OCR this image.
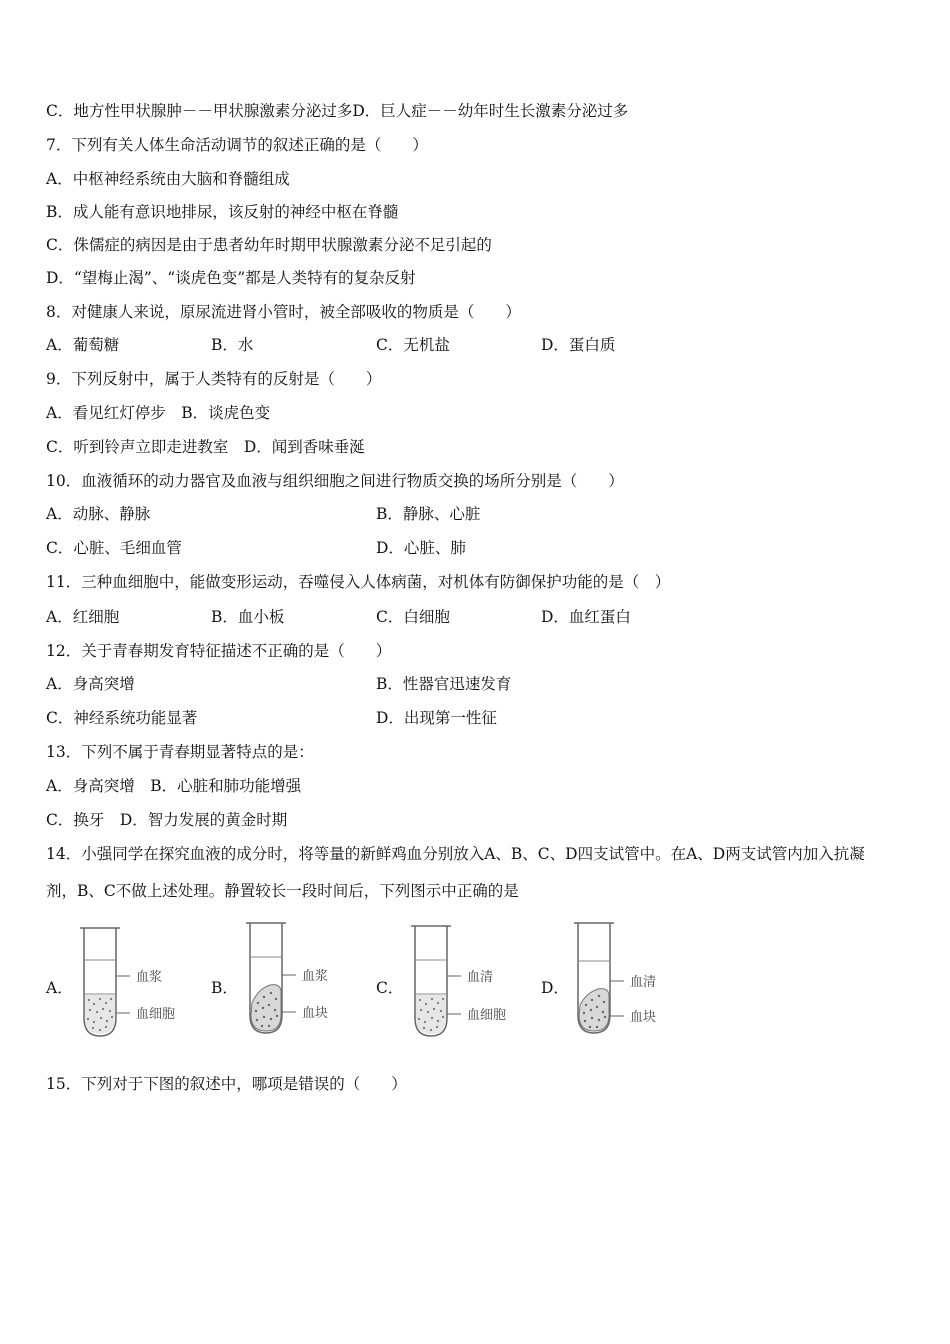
C．地方性甲状腺肿－－甲状腺激素分泌过多D．巨人症－－幼年时生长激素分泌过多
7．下列有关人体生命活动调节的叙述正确的是（　　）
A．中枢神经系统由大脑和脊髓组成
B．成人能有意识地排尿，该反射的神经中枢在脊髓
C．侏儒症的病因是由于患者幼年时期甲状腺激素分泌不足引起的
D．“望梅止渴”、“谈虎色变”都是人类特有的复杂反射
8．对健康人来说，原尿流进肾小管时，被全部吸收的物质是（　　）
A．葡萄糖	B．水	C．无机盐	D．蛋白质
9．下列反射中，属于人类特有的反射是（　　）
A．看见红灯停步　B．谈虎色变
C．听到铃声立即走进教室　D．闻到香味垂涎
10．血液循环的动力器官及血液与组织细胞之间进行物质交换的场所分别是（　　）
A．动脉、静脉	B．静脉、心脏
C．心脏、毛细血管	D．心脏、肺
11．三种血细胞中，能做变形运动，吞噬侵入人体病菌，对机体有防御保护功能的是（　）
A．红细胞	B．血小板	C．白细胞	D．血红蛋白
12．关于青春期发育特征描述不正确的是（　　）
A．身高突增	B．性器官迅速发育
C．神经系统功能显著	D．出现第一性征
13．下列不属于青春期显著特点的是：
A．身高突增　B．心脏和肺功能增强
C．换牙　D．智力发展的黄金时期
14．小强同学在探究血液的成分时，将等量的新鲜鸡血分别放入A、B、C、D四支试管中。在A、D两支试管内加入抗凝
剂，B、C不做上述处理。静置较长一段时间后，下列图示中正确的是
A．
血浆
血细胞
B．
血浆
血块
C．
血清
血细胞
D．	血清
血块
15．下列对于下图的叙述中，哪项是错误的（　　）
